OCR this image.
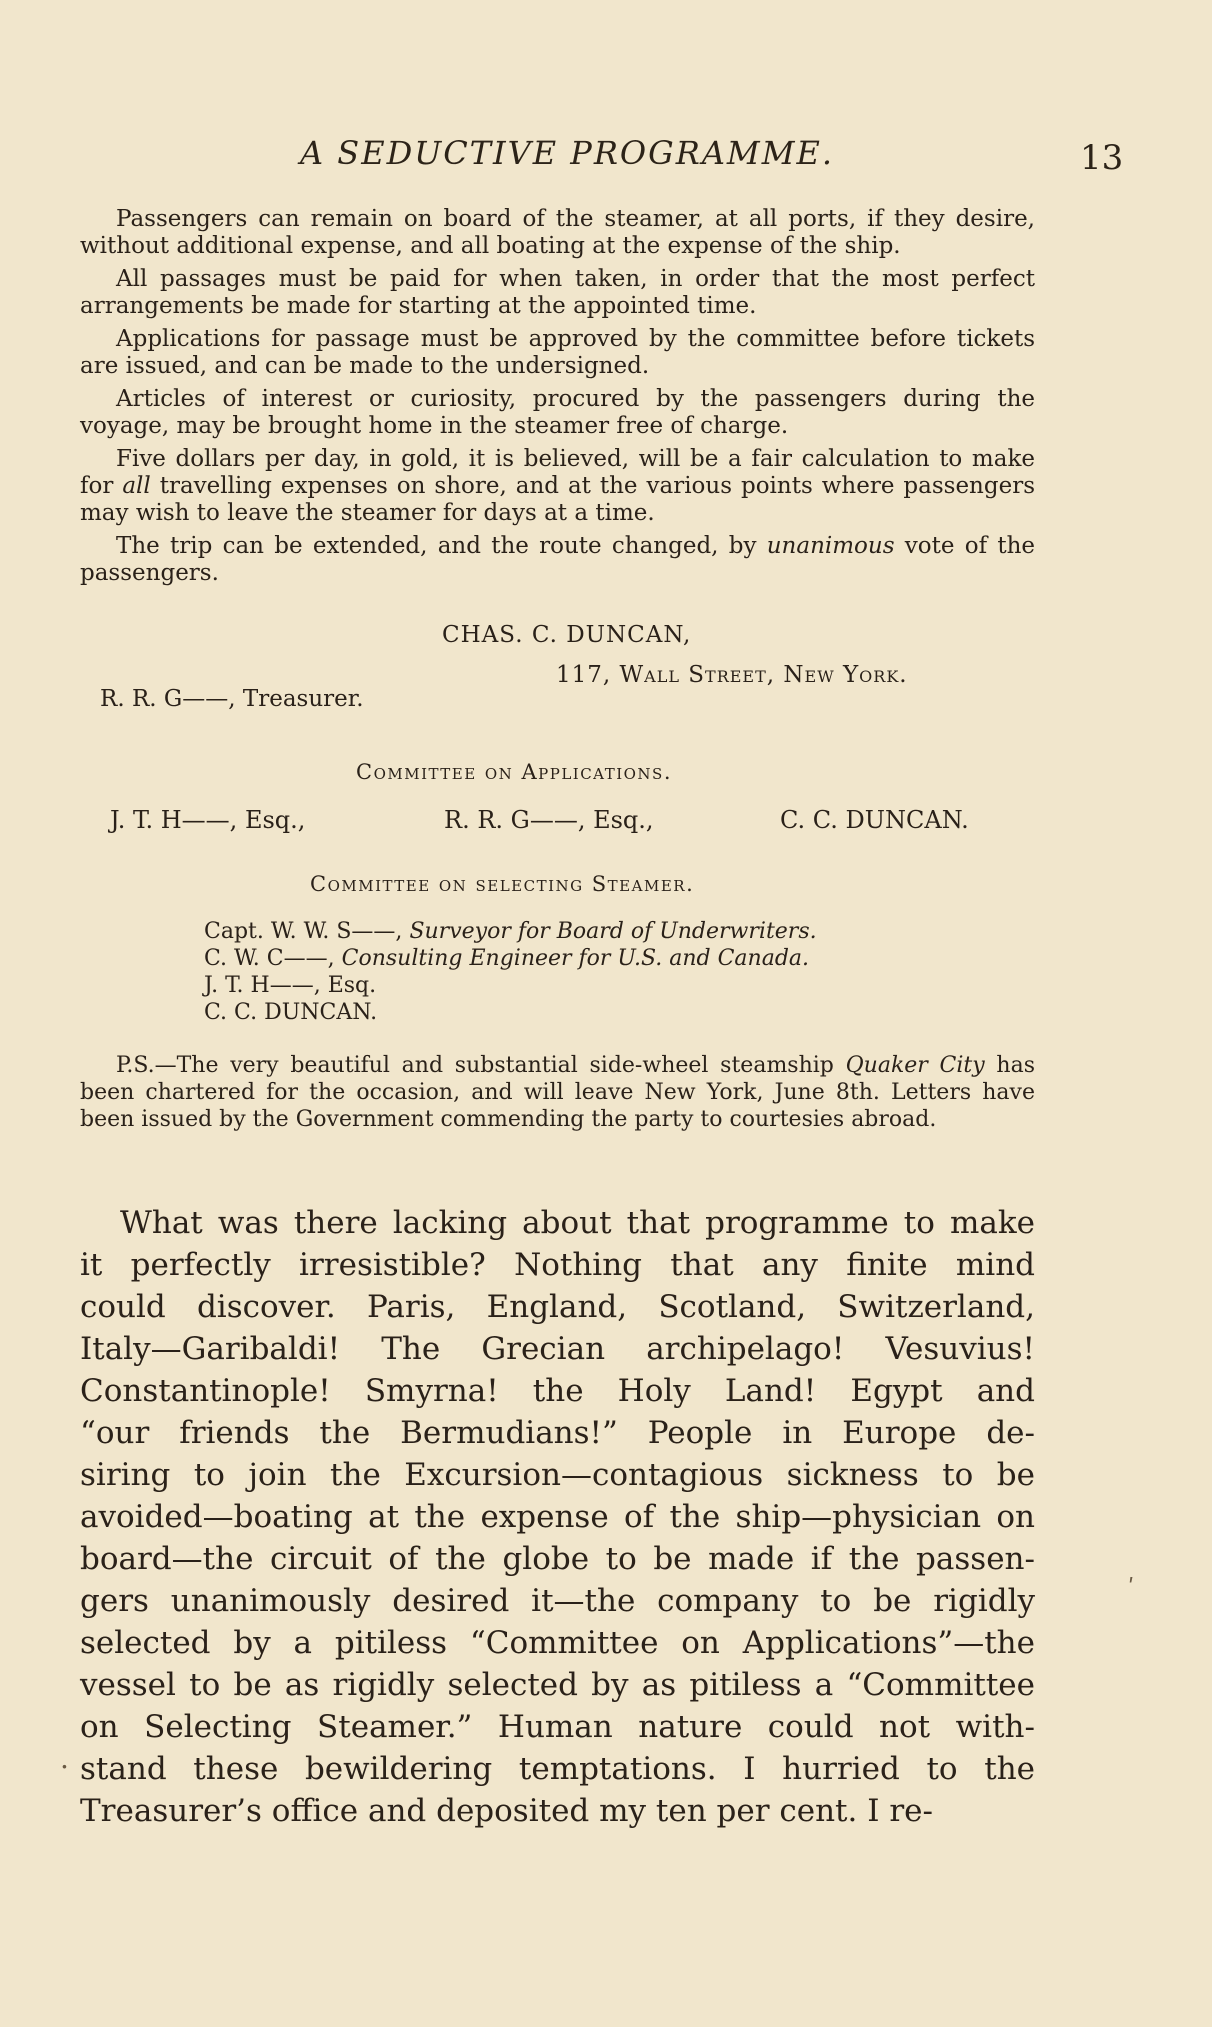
A SEDUCTIVE PROGRAMME.	13

Passengers can remain on board of the steamer, at all ports, if they desire, without additional expense, and all boating at the expense of the ship.

All passages must be paid for when taken, in order that the most perfect arrangements be made for starting at the appointed time.

Applications for passage must be approved by the committee before tickets are issued, and can be made to the undersigned.

Articles of interest or curiosity, procured by the passengers during the voyage, may be brought home in the steamer free of charge.

Five dollars per day, in gold, it is believed, will be a fair calculation to make for all travelling expenses on shore, and at the various points where passengers may wish to leave the steamer for days at a time.

The trip can be extended, and the route changed, by unanimous vote of the passengers.

CHAS. C. DUNCAN,
117, Wall Street, New York.
R. R. G——, Treasurer.
Committee on Applications.
J. T. H——, Esq.,	R. R. G——, Esq.,	C. C. DUNCAN.
Committee on selecting Steamer.
Capt. W. W. S——, Surveyor for Board of Underwriters.
C. W. C——, Consulting Engineer for U.S. and Canada.
J. T. H——, Esq.
C. C. DUNCAN.
P.S.—The very beautiful and substantial side-wheel steamship Quaker City has been chartered for the occasion, and will leave New York, June 8th. Letters have been issued by the Government commending the party to courtesies abroad.
What was there lacking about that programme to make
it perfectly irresistible? Nothing that any finite mind
could discover. Paris, England, Scotland, Switzerland,
Italy—Garibaldi! The Grecian archipelago! Vesuvius!
Constantinople! Smyrna! the Holy Land! Egypt and
“our friends the Bermudians!” People in Europe de-
siring to join the Excursion—contagious sickness to be
avoided—boating at the expense of the ship—physician on
board—the circuit of the globe to be made if the passen-
gers unanimously desired it—the company to be rigidly
selected by a pitiless “Committee on Applications”—the
vessel to be as rigidly selected by as pitiless a “Committee
on Selecting Steamer.” Human nature could not with-
stand these bewildering temptations. I hurried to the
Treasurer’s office and deposited my ten per cent. I re-
.
ʹ
